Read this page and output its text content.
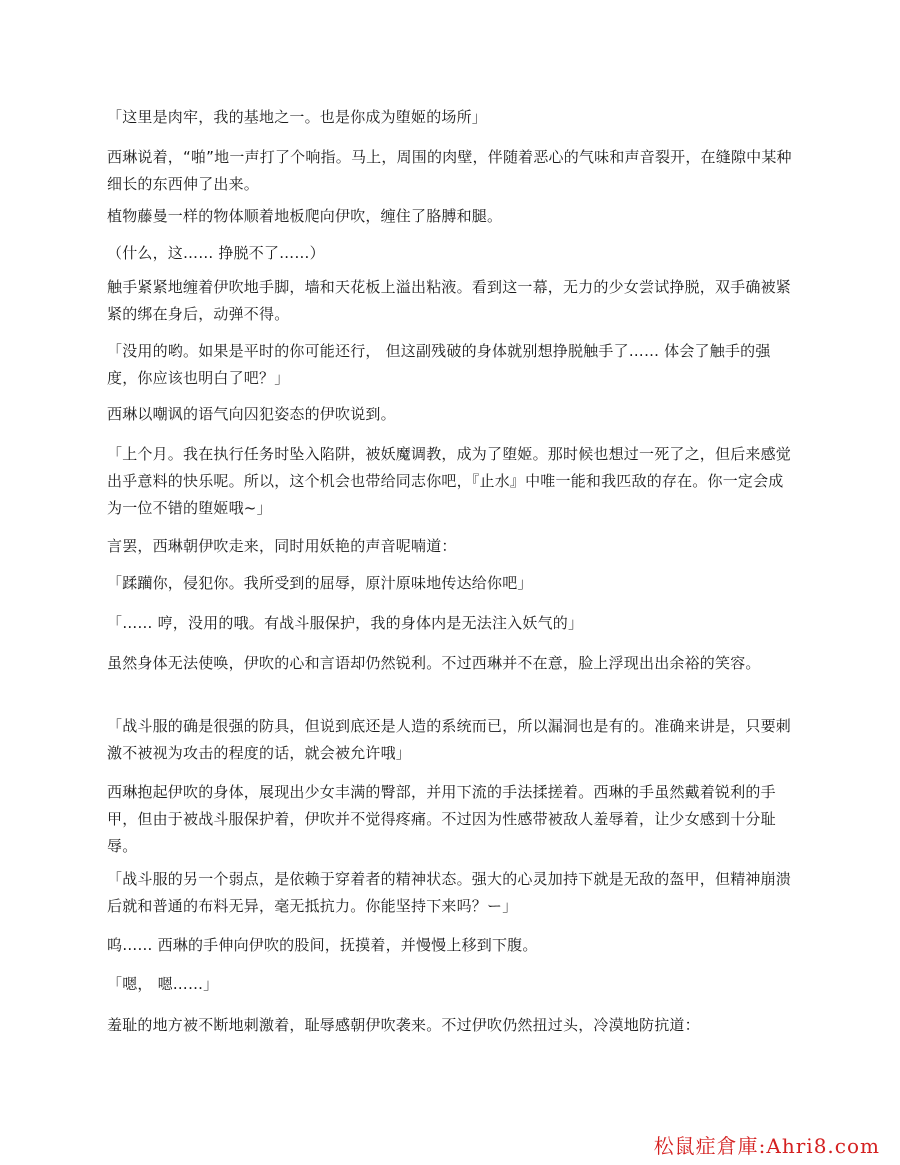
「这里是肉牢，我的基地之一。也是你成为堕姬的场所」

西琳说着，“啪”地一声打了个响指。马上，周围的肉壁，伴随着恶心的气味和声音裂开，在缝隙中某种细长的东西伸了出来。

植物藤曼一样的物体顺着地板爬向伊吹，缠住了胳膊和腿。

（什么，这…… 挣脱不了……）

触手紧紧地缠着伊吹地手脚，墙和天花板上溢出粘液。看到这一幕，无力的少女尝试挣脱，双手确被紧紧的绑在身后，动弹不得。

「没用的哟。如果是平时的你可能还行， 但这副残破的身体就别想挣脱触手了…… 体会了触手的强度，你应该也明白了吧？」

西琳以嘲讽的语气向囚犯姿态的伊吹说到。

「上个月。我在执行任务时坠入陷阱，被妖魔调教，成为了堕姬。那时候也想过一死了之，但后来感觉出乎意料的快乐呢。所以，这个机会也带给同志你吧，『止水』中唯一能和我匹敌的存在。你一定会成为一位不错的堕姬哦~」

言罢，西琳朝伊吹走来，同时用妖艳的声音呢喃道：

「蹂躏你，侵犯你。我所受到的屈辱，原汁原味地传达给你吧」

「…… 哼，没用的哦。有战斗服保护，我的身体内是无法注入妖气的」

虽然身体无法使唤，伊吹的心和言语却仍然锐利。不过西琳并不在意，脸上浮现出出余裕的笑容。

「战斗服的确是很强的防具，但说到底还是人造的系统而已，所以漏洞也是有的。准确来讲是，只要刺激不被视为攻击的程度的话，就会被允许哦」

西琳抱起伊吹的身体，展现出少女丰满的臀部，并用下流的手法揉搓着。西琳的手虽然戴着锐利的手甲，但由于被战斗服保护着，伊吹并不觉得疼痛。不过因为性感带被敌人羞辱着，让少女感到十分耻辱。

「战斗服的另一个弱点，是依赖于穿着者的精神状态。强大的心灵加持下就是无敌的盔甲，但精神崩溃后就和普通的布料无异，毫无抵抗力。你能坚持下来吗？ー」

呜…… 西琳的手伸向伊吹的股间，抚摸着，并慢慢上移到下腹。

「嗯， 嗯……」

羞耻的地方被不断地刺激着，耻辱感朝伊吹袭来。不过伊吹仍然扭过头，冷漠地防抗道：

松鼠症倉庫:Ahri8.com
